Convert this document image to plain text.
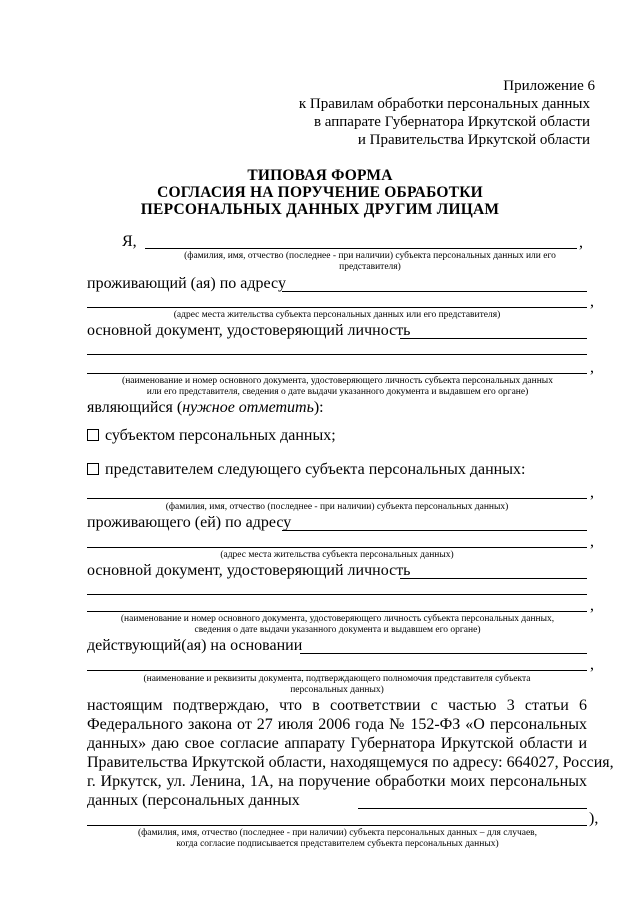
Приложение 6
к Правилам обработки персональных данных
в аппарате Губернатора Иркутской области
и Правительства Иркутской области
ТИПОВАЯ ФОРМА
СОГЛАСИЯ НА ПОРУЧЕНИЕ ОБРАБОТКИ
ПЕРСОНАЛЬНЫХ ДАННЫХ ДРУГИМ ЛИЦАМ
Я,	,
(фамилия, имя, отчество (последнее - при наличии) субъекта персональных данных или его
представителя)
проживающий (ая) по адресу
,
(адрес места жительства субъекта персональных данных или его представителя)
основной документ, удостоверяющий личность
,
(наименование и номер основного документа, удостоверяющего личность субъекта персональных данных
или его представителя, сведения о дате выдачи указанного документа и выдавшем его органе)
являющийся (нужное отметить):
субъектом персональных данных;
представителем следующего субъекта персональных данных:
,
(фамилия, имя, отчество (последнее - при наличии) субъекта персональных данных)
проживающего (ей) по адресу
,
(адрес места жительства субъекта персональных данных)
основной документ, удостоверяющий личность
,
(наименование и номер основного документа, удостоверяющего личность субъекта персональных данных,
сведения о дате выдачи указанного документа и выдавшем его органе)
действующий(ая) на основании
,
(наименование и реквизиты документа, подтверждающего полномочия представителя субъекта
персональных данных)
настоящим подтверждаю, что в соответствии с частью 3 статьи 6
Федерального закона от 27 июля 2006 года № 152-ФЗ «О персональных
данных» даю свое согласие аппарату Губернатора Иркутской области и
Правительства Иркутской области, находящемуся по адресу: 664027, Россия,
г. Иркутск, ул. Ленина, 1А, на поручение обработки моих персональных
данных (персональных данных
),
(фамилия, имя, отчество (последнее - при наличии) субъекта персональных данных – для случаев,
когда согласие подписывается представителем субъекта персональных данных)
